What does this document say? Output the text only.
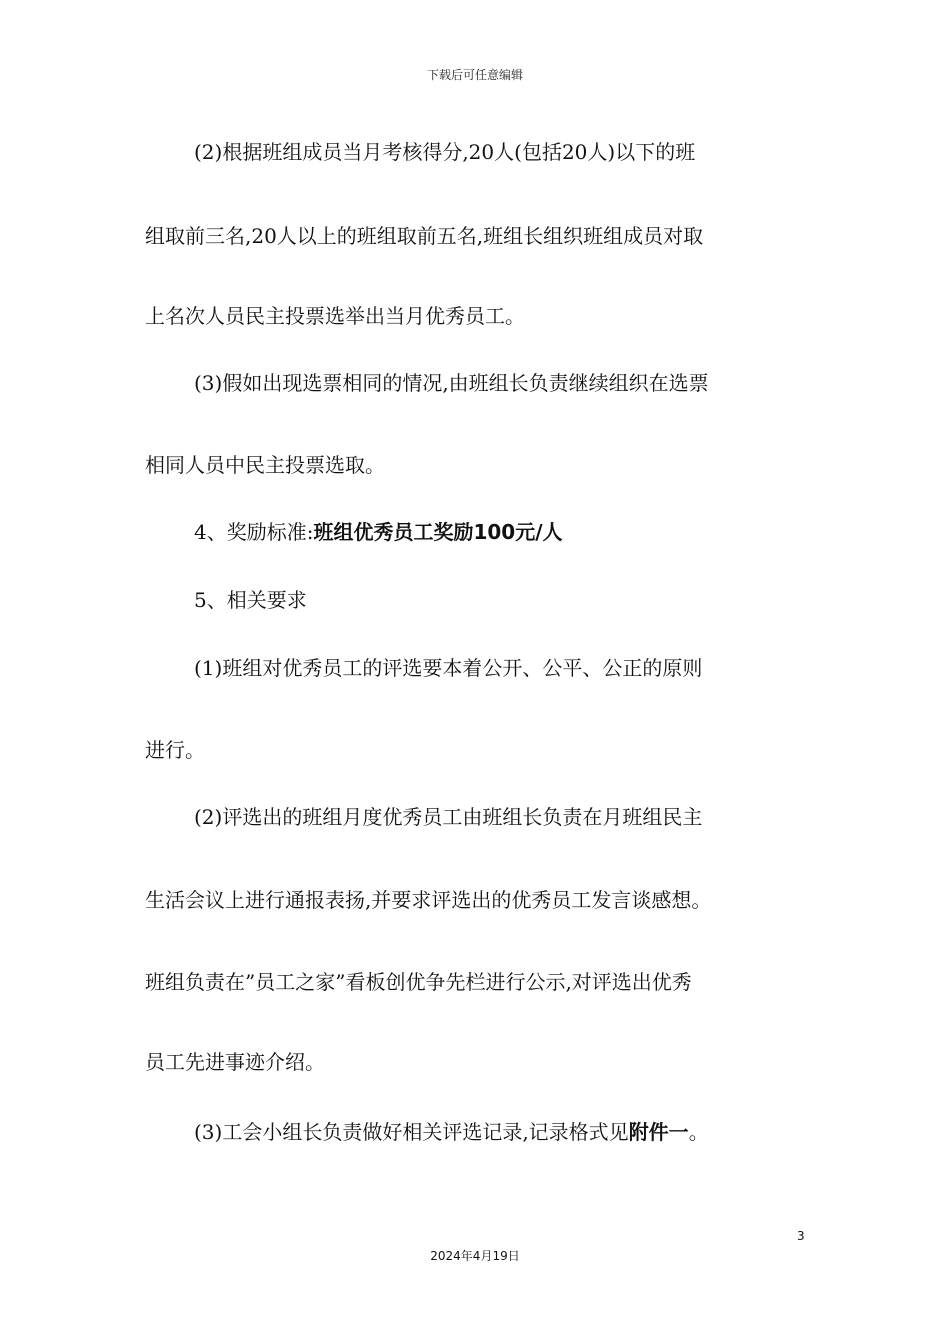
下载后可任意编辑
(2)根据班组成员当月考核得分,20人(包括20人)以下的班
组取前三名,20人以上的班组取前五名,班组长组织班组成员对取
上名次人员民主投票选举出当月优秀员工。
(3)假如出现选票相同的情况,由班组长负责继续组织在选票
相同人员中民主投票选取。
4、奖励标准:班组优秀员工奖励100元/人
5、相关要求
(1)班组对优秀员工的评选要本着公开、公平、公正的原则
进行。
(2)评选出的班组月度优秀员工由班组长负责在月班组民主
生活会议上进行通报表扬,并要求评选出的优秀员工发言谈感想。
班组负责在”员工之家”看板创优争先栏进行公示,对评选出优秀
员工先进事迹介绍。
(3)工会小组长负责做好相关评选记录,记录格式见附件一。
3
2024年4月19日
